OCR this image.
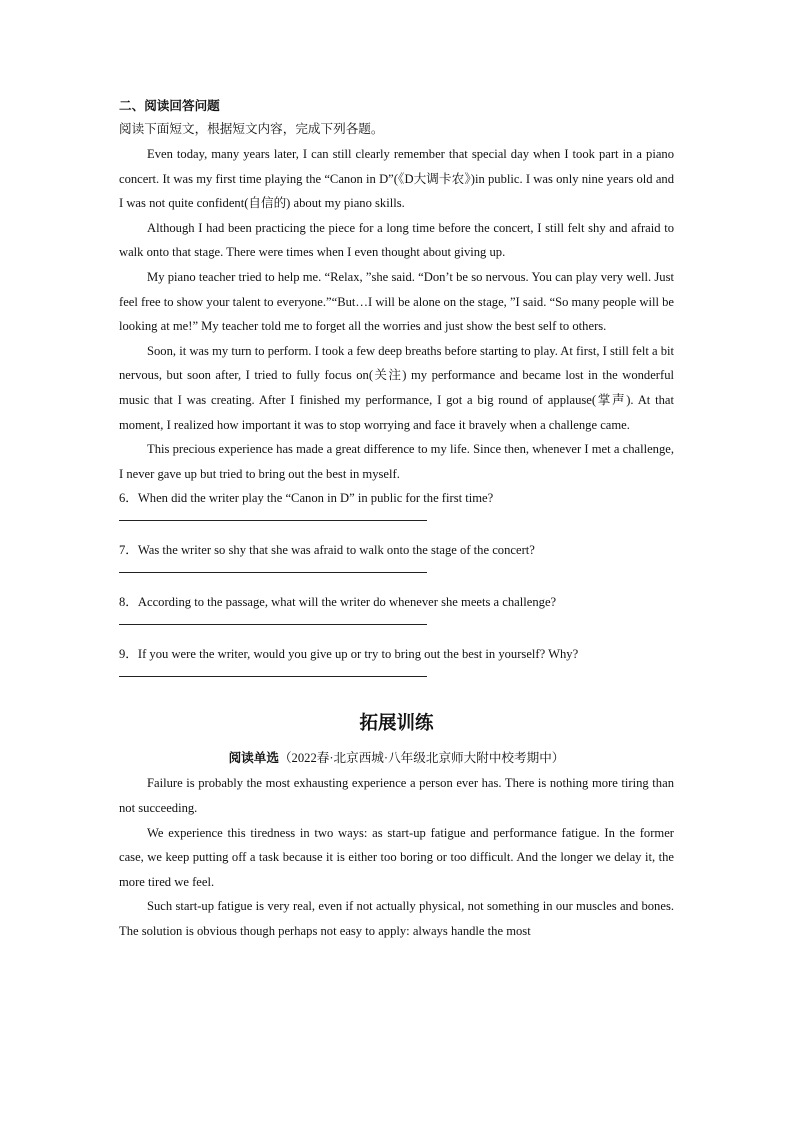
二、阅读回答问题

阅读下面短文，根据短文内容，完成下列各题。

Even today, many years later, I can still clearly remember that special day when I took part in a piano concert. It was my first time playing the “Canon in D”(《D大调卡农》)in public. I was only nine years old and I was not quite confident(自信的) about my piano skills.

Although I had been practicing the piece for a long time before the concert, I still felt shy and afraid to walk onto that stage. There were times when I even thought about giving up.

My piano teacher tried to help me. “Relax, ”she said. “Don’t be so nervous. You can play very well. Just feel free to show your talent to everyone.”“But…I will be alone on the stage, ”I said. “So many people will be looking at me!” My teacher told me to forget all the worries and just show the best self to others.

Soon, it was my turn to perform. I took a few deep breaths before starting to play. At first, I still felt a bit nervous, but soon after, I tried to fully focus on(关注) my performance and became lost in the wonderful music that I was creating. After I finished my performance, I got a big round of applause(掌声). At that moment, I realized how important it was to stop worrying and face it bravely when a challenge came.

This precious experience has made a great difference to my life. Since then, whenever I met a challenge, I never gave up but tried to bring out the best in myself.

6．When did the writer play the “Canon in D” in public for the first time?

7．Was the writer so shy that she was afraid to walk onto the stage of the concert?

8．According to the passage, what will the writer do whenever she meets a challenge?

9．If you were the writer, would you give up or try to bring out the best in yourself? Why?

拓展训练
阅读单选（2022春·北京西城·八年级北京师大附中校考期中）

Failure is probably the most exhausting experience a person ever has. There is nothing more tiring than not succeeding.

We experience this tiredness in two ways: as start-up fatigue and performance fatigue. In the former case, we keep putting off a task because it is either too boring or too difficult. And the longer we delay it, the more tired we feel.

Such start-up fatigue is very real, even if not actually physical, not something in our muscles and bones. The solution is obvious though perhaps not easy to apply: always handle the most
